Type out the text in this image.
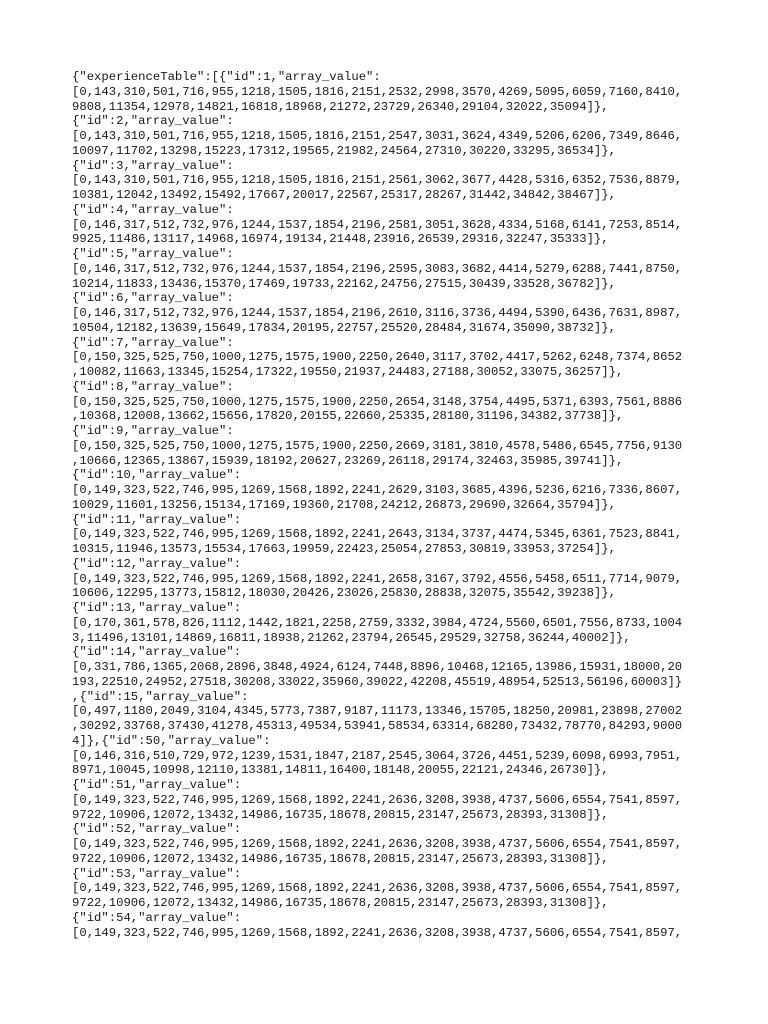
{"experienceTable":[{"id":1,"array_value":
[0,143,310,501,716,955,1218,1505,1816,2151,2532,2998,3570,4269,5095,6059,7160,8410,
9808,11354,12978,14821,16818,18968,21272,23729,26340,29104,32022,35094]},
{"id":2,"array_value":
[0,143,310,501,716,955,1218,1505,1816,2151,2547,3031,3624,4349,5206,6206,7349,8646,
10097,11702,13298,15223,17312,19565,21982,24564,27310,30220,33295,36534]},
{"id":3,"array_value":
[0,143,310,501,716,955,1218,1505,1816,2151,2561,3062,3677,4428,5316,6352,7536,8879,
10381,12042,13492,15492,17667,20017,22567,25317,28267,31442,34842,38467]},
{"id":4,"array_value":
[0,146,317,512,732,976,1244,1537,1854,2196,2581,3051,3628,4334,5168,6141,7253,8514,
9925,11486,13117,14968,16974,19134,21448,23916,26539,29316,32247,35333]},
{"id":5,"array_value":
[0,146,317,512,732,976,1244,1537,1854,2196,2595,3083,3682,4414,5279,6288,7441,8750,
10214,11833,13436,15370,17469,19733,22162,24756,27515,30439,33528,36782]},
{"id":6,"array_value":
[0,146,317,512,732,976,1244,1537,1854,2196,2610,3116,3736,4494,5390,6436,7631,8987,
10504,12182,13639,15649,17834,20195,22757,25520,28484,31674,35090,38732]},
{"id":7,"array_value":
[0,150,325,525,750,1000,1275,1575,1900,2250,2640,3117,3702,4417,5262,6248,7374,8652
,10082,11663,13345,15254,17322,19550,21937,24483,27188,30052,33075,36257]},
{"id":8,"array_value":
[0,150,325,525,750,1000,1275,1575,1900,2250,2654,3148,3754,4495,5371,6393,7561,8886
,10368,12008,13662,15656,17820,20155,22660,25335,28180,31196,34382,37738]},
{"id":9,"array_value":
[0,150,325,525,750,1000,1275,1575,1900,2250,2669,3181,3810,4578,5486,6545,7756,9130
,10666,12365,13867,15939,18192,20627,23269,26118,29174,32463,35985,39741]},
{"id":10,"array_value":
[0,149,323,522,746,995,1269,1568,1892,2241,2629,3103,3685,4396,5236,6216,7336,8607,
10029,11601,13256,15134,17169,19360,21708,24212,26873,29690,32664,35794]},
{"id":11,"array_value":
[0,149,323,522,746,995,1269,1568,1892,2241,2643,3134,3737,4474,5345,6361,7523,8841,
10315,11946,13573,15534,17663,19959,22423,25054,27853,30819,33953,37254]},
{"id":12,"array_value":
[0,149,323,522,746,995,1269,1568,1892,2241,2658,3167,3792,4556,5458,6511,7714,9079,
10606,12295,13773,15812,18030,20426,23026,25830,28838,32075,35542,39238]},
{"id":13,"array_value":
[0,170,361,578,826,1112,1442,1821,2258,2759,3332,3984,4724,5560,6501,7556,8733,1004
3,11496,13101,14869,16811,18938,21262,23794,26545,29529,32758,36244,40002]},
{"id":14,"array_value":
[0,331,786,1365,2068,2896,3848,4924,6124,7448,8896,10468,12165,13986,15931,18000,20
193,22510,24952,27518,30208,33022,35960,39022,42208,45519,48954,52513,56196,60003]}
,{"id":15,"array_value":
[0,497,1180,2049,3104,4345,5773,7387,9187,11173,13346,15705,18250,20981,23898,27002
,30292,33768,37430,41278,45313,49534,53941,58534,63314,68280,73432,78770,84293,9000
4]},{"id":50,"array_value":
[0,146,316,510,729,972,1239,1531,1847,2187,2545,3064,3726,4451,5239,6098,6993,7951,
8971,10045,10998,12110,13381,14811,16400,18148,20055,22121,24346,26730]},
{"id":51,"array_value":
[0,149,323,522,746,995,1269,1568,1892,2241,2636,3208,3938,4737,5606,6554,7541,8597,
9722,10906,12072,13432,14986,16735,18678,20815,23147,25673,28393,31308]},
{"id":52,"array_value":
[0,149,323,522,746,995,1269,1568,1892,2241,2636,3208,3938,4737,5606,6554,7541,8597,
9722,10906,12072,13432,14986,16735,18678,20815,23147,25673,28393,31308]},
{"id":53,"array_value":
[0,149,323,522,746,995,1269,1568,1892,2241,2636,3208,3938,4737,5606,6554,7541,8597,
9722,10906,12072,13432,14986,16735,18678,20815,23147,25673,28393,31308]},
{"id":54,"array_value":
[0,149,323,522,746,995,1269,1568,1892,2241,2636,3208,3938,4737,5606,6554,7541,8597,
